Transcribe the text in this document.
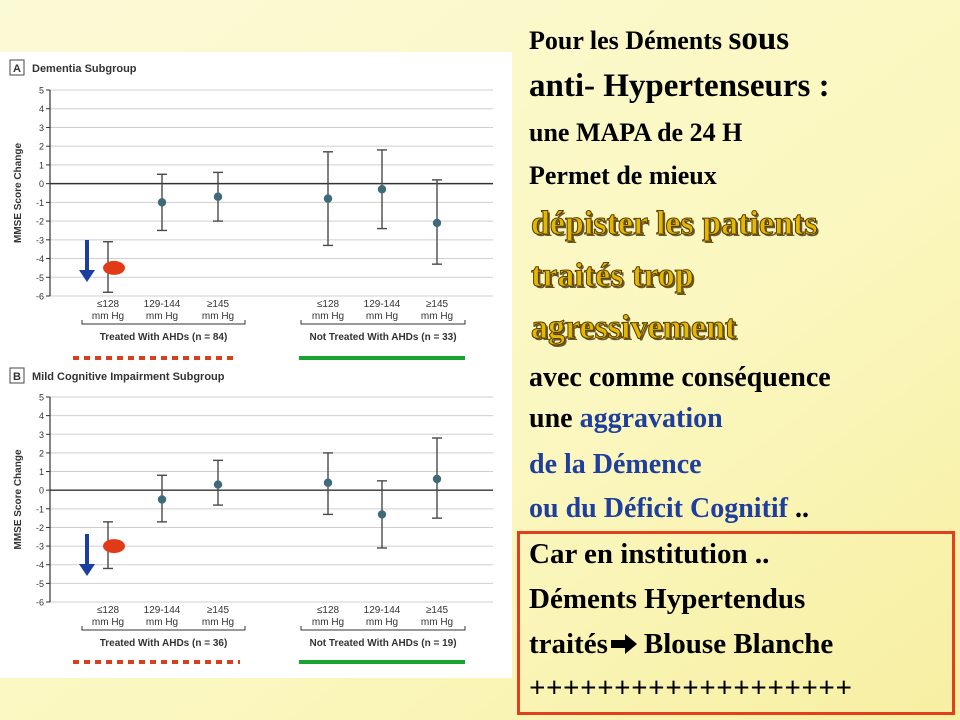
A Dementia Subgroup
MMSE Score Change
5
4
3
2
1
0
-1
-2
-3
-4
-5
-6
≤128
mm Hg
129-144
mm Hg
≥145
mm Hg
≤128
mm Hg
129-144
mm Hg
≥145
mm Hg
Treated With AHDs (n = 84)	Not Treated With AHDs (n = 33)
B Mild Cognitive Impairment Subgroup
MMSE Score Change
5
4
3
2
1
0
-1
-2
-3
-4
-5
-6
≤128
mm Hg
129-144
mm Hg
≥145
mm Hg
≤128
mm Hg
129-144
mm Hg
≥145
mm Hg
Treated With AHDs (n = 36)	Not Treated With AHDs (n = 19)
Pour les Déments sous
anti- Hypertenseurs :
une MAPA de 24 H
Permet de mieux
dépister les patients
traités trop
agressivement
avec comme conséquence
une aggravation
de la Démence
ou du Déficit Cognitif ..
Car en institution ..
Déments Hypertendus
traités Blouse Blanche
+++++++++++++++++++
